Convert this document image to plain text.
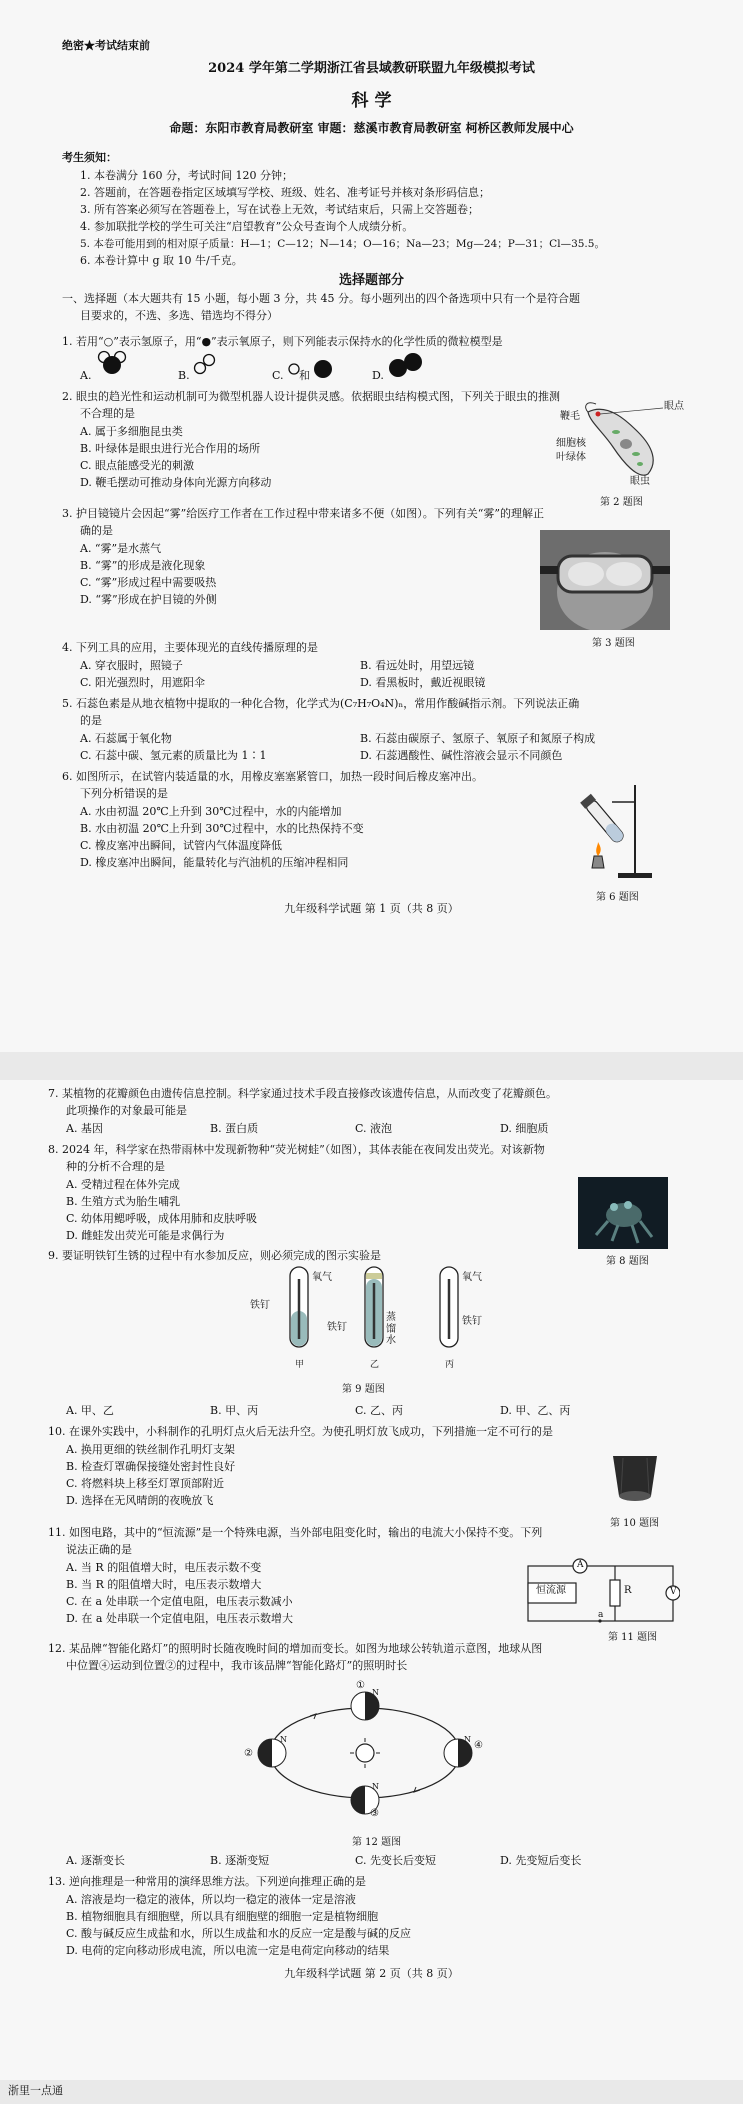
绝密★考试结束前
2024 学年第二学期浙江省县域教研联盟九年级模拟考试
科 学
命题：东阳市教育局教研室 审题：慈溪市教育局教研室 柯桥区教师发展中心
考生须知：
1. 本卷满分 160 分，考试时间 120 分钟；
2. 答题前，在答题卷指定区域填写学校、班级、姓名、准考证号并核对条形码信息；
3. 所有答案必须写在答题卷上，写在试卷上无效，考试结束后，只需上交答题卷；
4. 参加联批学校的学生可关注“启望教育”公众号查询个人成绩分析。
5. 本卷可能用到的相对原子质量：H—1；C—12；N—14；O—16；Na—23；Mg—24；P—31；Cl—35.5。
6. 本卷计算中 g 取 10 牛/千克。
选择题部分
一、选择题（本大题共有 15 小题，每小题 3 分，共 45 分。每小题列出的四个备选项中只有一个是符合题
目要求的，不选、多选、错选均不得分）
1. 若用“○”表示氢原子，用“●”表示氧原子，则下列能表示保持水的化学性质的微粒模型是
A.	B.	C. 和	D.
2. 眼虫的趋光性和运动机制可为微型机器人设计提供灵感。依据眼虫结构模式图，下列关于眼虫的推测
不合理的是
A. 属于多细胞昆虫类
B. 叶绿体是眼虫进行光合作用的场所
C. 眼点能感受光的刺激
D. 鞭毛摆动可推动身体向光源方向移动
眼点
鞭毛
细胞核
叶绿体
眼虫
第 2 题图
3. 护目镜镜片会因起“雾”给医疗工作者在工作过程中带来诸多不便（如图）。下列有关“雾”的理解正
确的是
A. “雾”是水蒸气
B. “雾”的形成是液化现象
C. “雾”形成过程中需要吸热
D. “雾”形成在护目镜的外侧
第 3 题图
4. 下列工具的应用，主要体现光的直线传播原理的是
A. 穿衣服时，照镜子	B. 看远处时，用望远镜
C. 阳光强烈时，用遮阳伞	D. 看黑板时，戴近视眼镜
5. 石蕊色素是从地衣植物中提取的一种化合物，化学式为(C₇H₇O₄N)ₙ，常用作酸碱指示剂。下列说法正确
的是
A. 石蕊属于氧化物	B. 石蕊由碳原子、氢原子、氧原子和氮原子构成
C. 石蕊中碳、氢元素的质量比为 1∶1	D. 石蕊遇酸性、碱性溶液会显示不同颜色
6. 如图所示，在试管内装适量的水，用橡皮塞塞紧管口，加热一段时间后橡皮塞冲出。
下列分析错误的是
A. 水由初温 20℃上升到 30℃过程中，水的内能增加
B. 水由初温 20℃上升到 30℃过程中，水的比热保持不变
C. 橡皮塞冲出瞬间，试管内气体温度降低
D. 橡皮塞冲出瞬间，能量转化与汽油机的压缩冲程相同
第 6 题图
九年级科学试题 第 1 页（共 8 页）
7. 某植物的花瓣颜色由遗传信息控制。科学家通过技术手段直接修改该遗传信息，从而改变了花瓣颜色。
此项操作的对象最可能是
A. 基因	B. 蛋白质	C. 液泡	D. 细胞质
8. 2024 年，科学家在热带雨林中发现新物种“荧光树蛙”（如图），其体表能在夜间发出荧光。对该新物
种的分析不合理的是
A. 受精过程在体外完成
B. 生殖方式为胎生哺乳
C. 幼体用鳃呼吸，成体用肺和皮肤呼吸
D. 雌蛙发出荧光可能是求偶行为
第 8 题图
9. 要证明铁钉生锈的过程中有水参加反应，则必须完成的图示实验是
氧气
铁钉
蒸馏水
铁钉
氧气
铁钉
甲	乙	丙
第 9 题图
A. 甲、乙	B. 甲、丙	C. 乙、丙	D. 甲、乙、丙
10. 在课外实践中，小科制作的孔明灯点火后无法升空。为使孔明灯放飞成功，下列措施一定不可行的是
A. 换用更细的铁丝制作孔明灯支架
B. 检查灯罩确保接缝处密封性良好
C. 将燃料块上移至灯罩顶部附近
D. 选择在无风晴朗的夜晚放飞
第 10 题图
11. 如图电路，其中的“恒流源”是一个特殊电源，当外部电阻变化时，输出的电流大小保持不变。下列
说法正确的是
A. 当 R 的阻值增大时，电压表示数不变
B. 当 R 的阻值增大时，电压表示数增大
C. 在 a 处串联一个定值电阻，电压表示数减小
D. 在 a 处串联一个定值电阻，电压表示数增大
恒流源
A
R	V
a
第 11 题图
12. 某品牌“智能化路灯”的照明时长随夜晚时间的增加而变长。如图为地球公转轨道示意图，地球从图
中位置④运动到位置②的过程中，我市该品牌“智能化路灯”的照明时长
①
②
③
④
N
N
N
N
第 12 题图
A. 逐渐变长	B. 逐渐变短	C. 先变长后变短	D. 先变短后变长
13. 逆向推理是一种常用的演绎思维方法。下列逆向推理正确的是
A. 溶液是均一稳定的液体，所以均一稳定的液体一定是溶液
B. 植物细胞具有细胞壁，所以具有细胞壁的细胞一定是植物细胞
C. 酸与碱反应生成盐和水，所以生成盐和水的反应一定是酸与碱的反应
D. 电荷的定向移动形成电流，所以电流一定是电荷定向移动的结果
九年级科学试题 第 2 页（共 8 页）
浙里一点通
